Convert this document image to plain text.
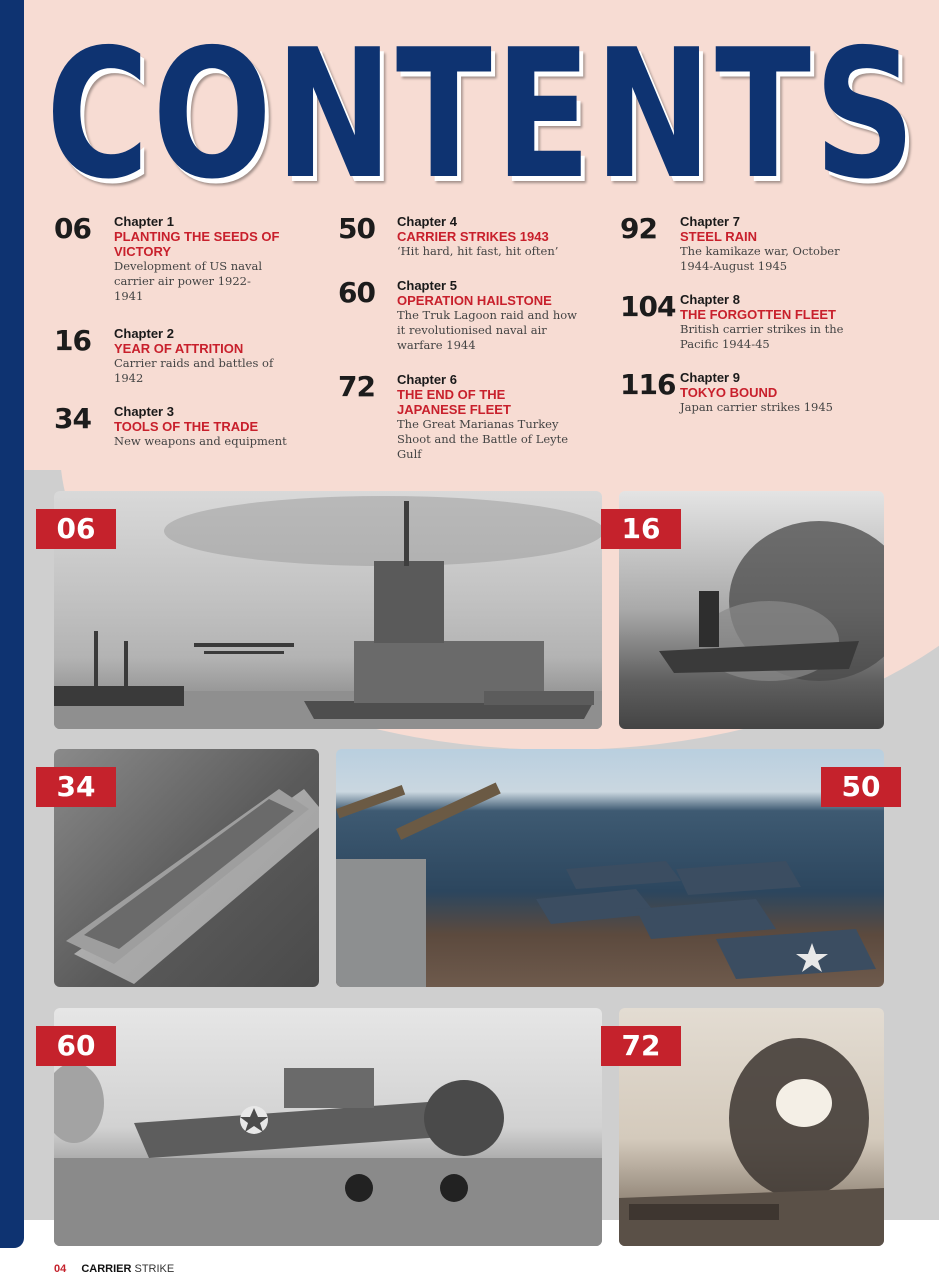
CONTENTS
06 Chapter 1
PLANTING THE SEEDS OF VICTORY
Development of US naval carrier air power 1922-1941
16 Chapter 2
YEAR OF ATTRITION
Carrier raids and battles of 1942
34 Chapter 3
TOOLS OF THE TRADE
New weapons and equipment
50 Chapter 4
CARRIER STRIKES 1943
‘Hit hard, hit fast, hit often’
60 Chapter 5
OPERATION HAILSTONE
The Truk Lagoon raid and how it revolutionised naval air warfare 1944
72 Chapter 6
THE END OF THE JAPANESE FLEET
The Great Marianas Turkey Shoot and the Battle of Leyte Gulf
92 Chapter 7
STEEL RAIN
The kamikaze war, October 1944-August 1945
104 Chapter 8
THE FORGOTTEN FLEET
British carrier strikes in the Pacific 1944-45
116 Chapter 9
TOKYO BOUND
Japan carrier strikes 1945
06	16
34	50
60	72
04 CARRIER STRIKE
